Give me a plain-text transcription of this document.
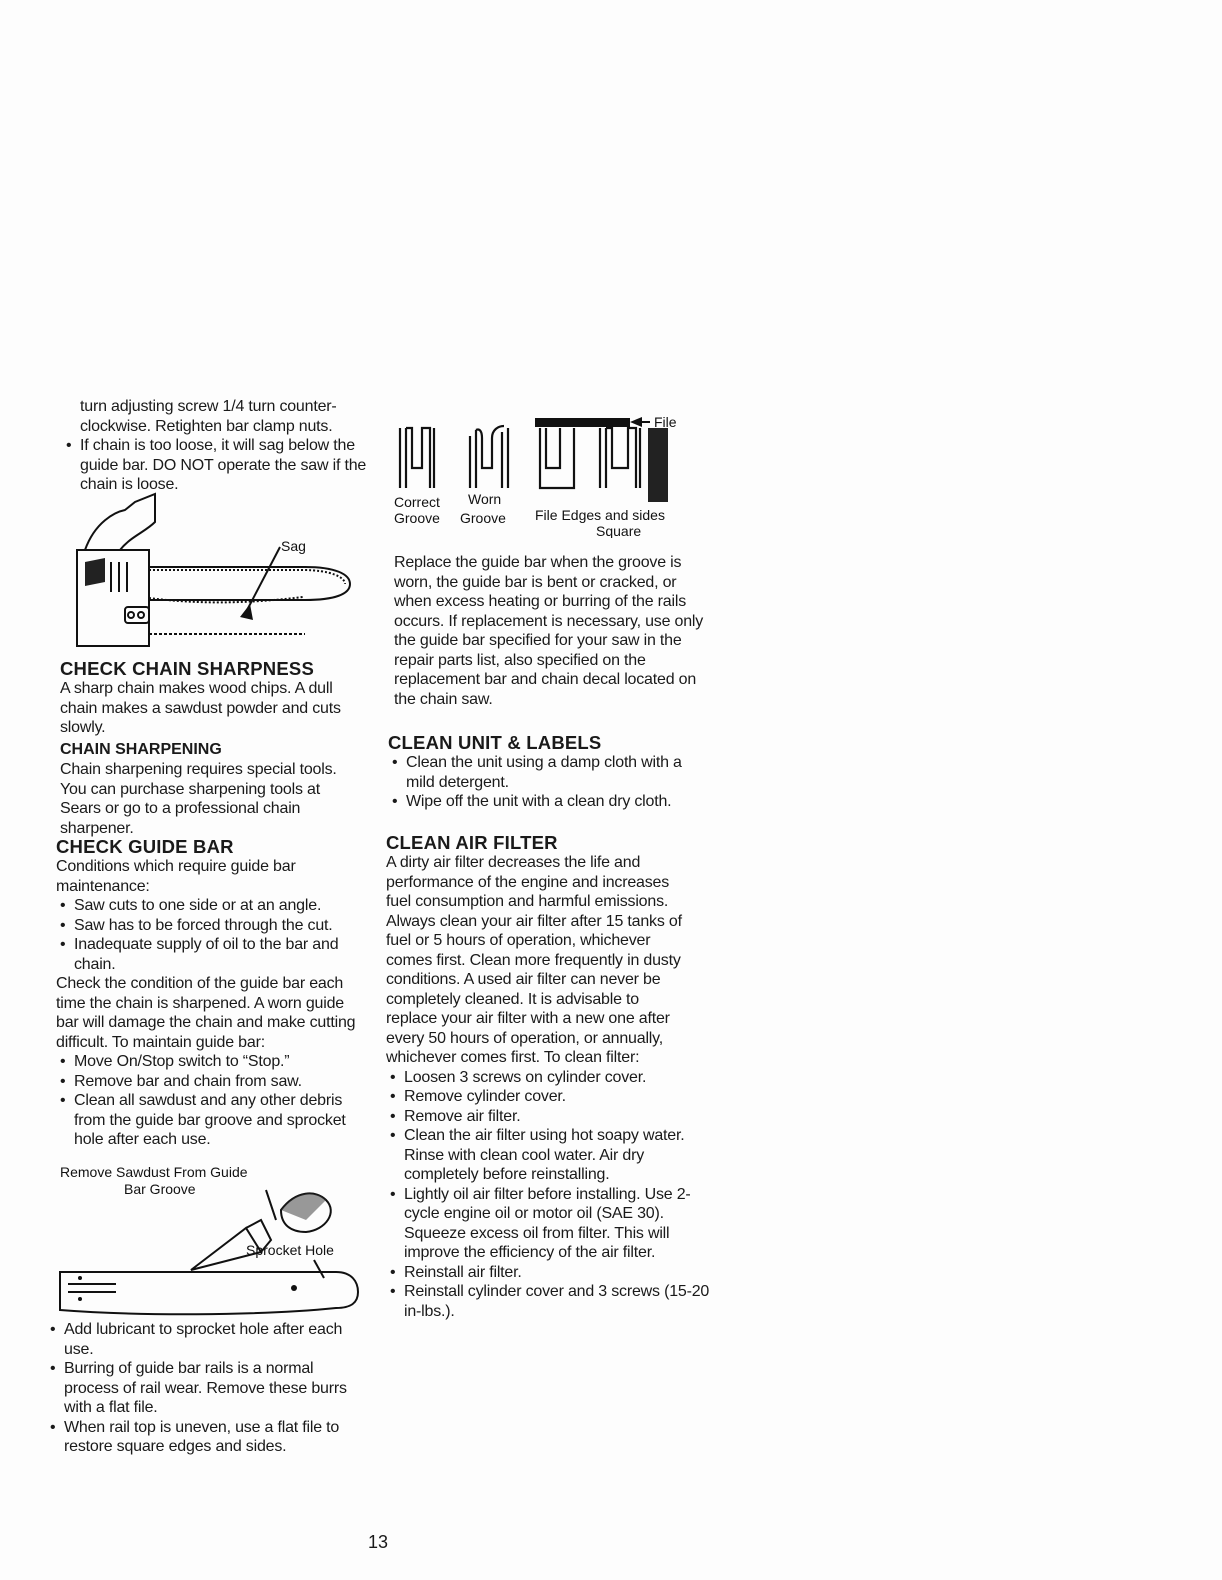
turn adjusting screw 1/4 turn counter-

clockwise. Retighten bar clamp nuts.

• If chain is too loose, it will sag below the guide bar. DO NOT operate the saw if the chain is loose.
Sag
CHECK CHAIN SHARPNESS

A sharp chain makes wood chips. A dull chain makes a sawdust powder and cuts slowly.

CHAIN SHARPENING

Chain sharpening requires special tools. You can purchase sharpening tools at Sears or go to a professional chain sharpener.

CHECK GUIDE BAR

Conditions which require guide bar maintenance:

• Saw cuts to one side or at an angle.
• Saw has to be forced through the cut.
• Inadequate supply of oil to the bar and chain.

Check the condition of the guide bar each time the chain is sharpened. A worn guide bar will damage the chain and make cutting difficult. To maintain guide bar:

• Move On/Stop switch to “Stop.”
• Remove bar and chain from saw.
• Clean all sawdust and any other debris from the guide bar groove and sprocket hole after each use.
Remove Sawdust From Guide
Bar Groove
Sprocket Hole
• Add lubricant to sprocket hole after each use.
• Burring of guide bar rails is a normal process of rail wear. Remove these burrs with a flat file.
• When rail top is uneven, use a flat file to restore square edges and sides.
File
Correct
Groove
Worn
Groove File Edges and sides
Square

Replace the guide bar when the groove is worn, the guide bar is bent or cracked, or when excess heating or burring of the rails occurs. If replacement is necessary, use only the guide bar specified for your saw in the repair parts list, also specified on the replacement bar and chain decal located on the chain saw.

CLEAN UNIT & LABELS
• Clean the unit using a damp cloth with a mild detergent.
• Wipe off the unit with a clean dry cloth.
CLEAN AIR FILTER

A dirty air filter decreases the life and performance of the engine and increases fuel consumption and harmful emissions. Always clean your air filter after 15 tanks of fuel or 5 hours of operation, whichever comes first. Clean more frequently in dusty conditions. A used air filter can never be completely cleaned. It is advisable to replace your air filter with a new one after every 50 hours of operation, or annually, whichever comes first. To clean filter:

• Loosen 3 screws on cylinder cover.
• Remove cylinder cover.
• Remove air filter.
• Clean the air filter using hot soapy water. Rinse with clean cool water. Air dry completely before reinstalling.
• Lightly oil air filter before installing. Use 2-cycle engine oil or motor oil (SAE 30). Squeeze excess oil from filter. This will improve the efficiency of the air filter.
• Reinstall air filter.
• Reinstall cylinder cover and 3 screws (15-20 in-lbs.).
13
